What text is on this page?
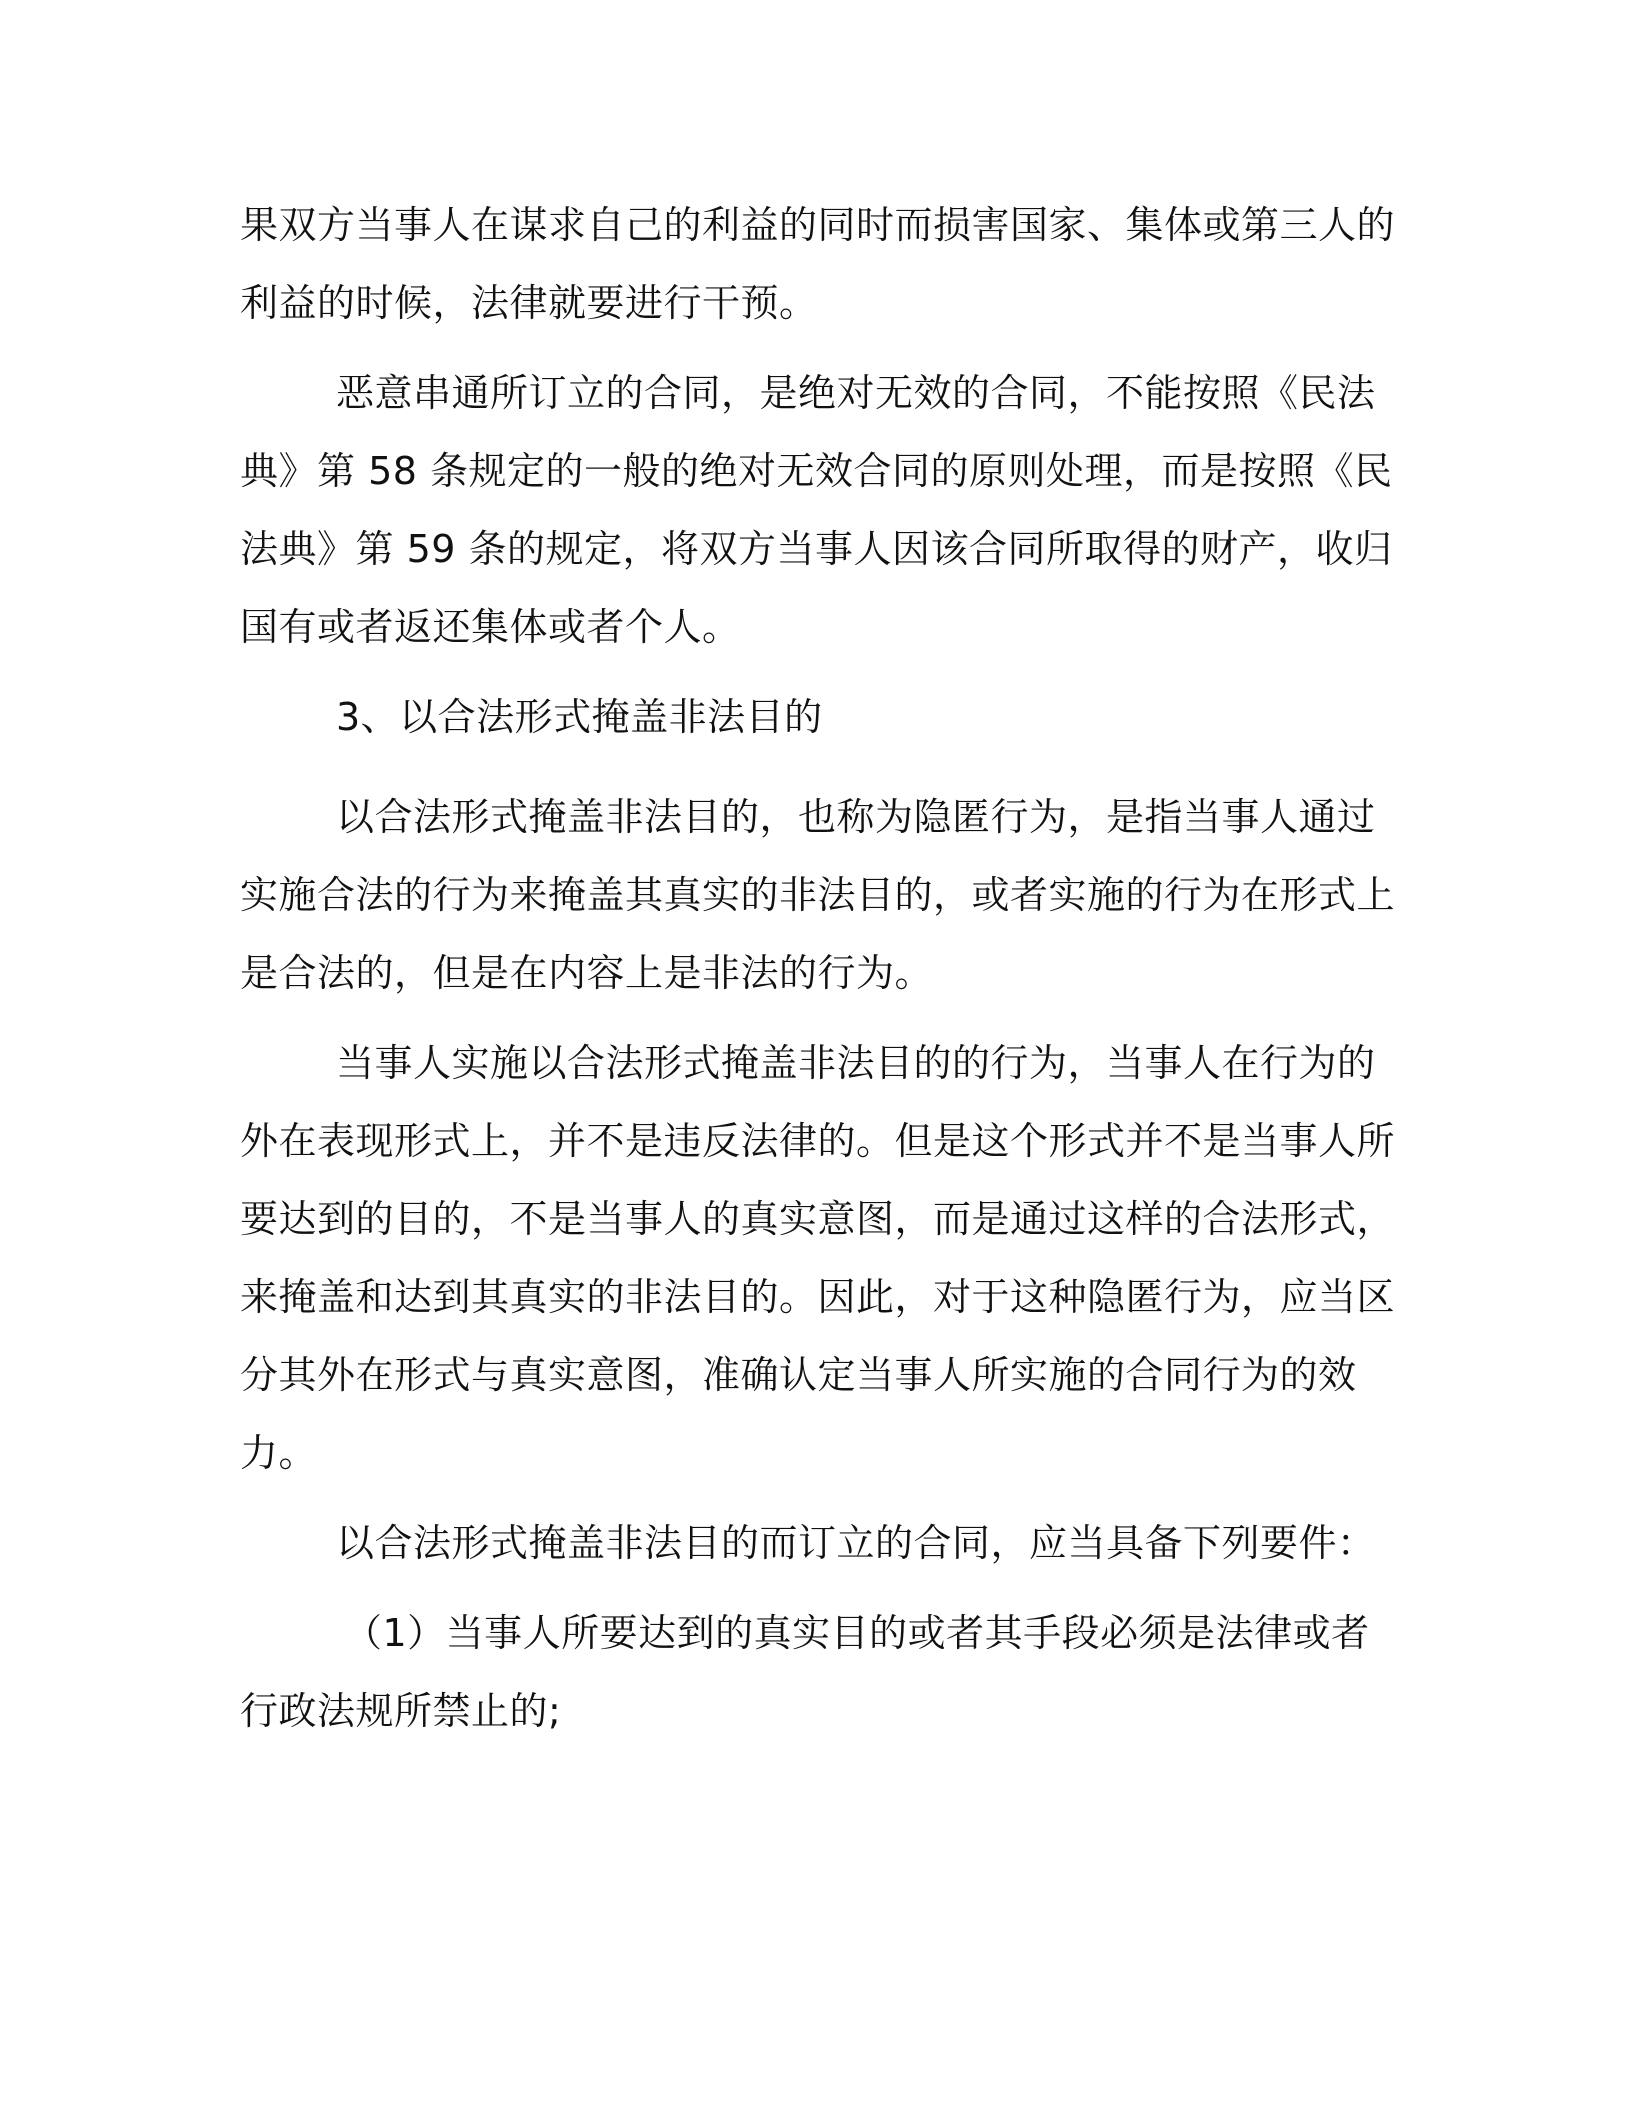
果双方当事人在谋求自己的利益的同时而损害国家、集体或第三人的利益的时候，法律就要进行干预。

恶意串通所订立的合同，是绝对无效的合同，不能按照《民法典》第 58 条规定的一般的绝对无效合同的原则处理，而是按照《民法典》第 59 条的规定，将双方当事人因该合同所取得的财产，收归国有或者返还集体或者个人。

3、以合法形式掩盖非法目的

以合法形式掩盖非法目的，也称为隐匿行为，是指当事人通过实施合法的行为来掩盖其真实的非法目的，或者实施的行为在形式上是合法的，但是在内容上是非法的行为。

当事人实施以合法形式掩盖非法目的的行为，当事人在行为的外在表现形式上，并不是违反法律的。但是这个形式并不是当事人所要达到的目的，不是当事人的真实意图，而是通过这样的合法形式，来掩盖和达到其真实的非法目的。因此，对于这种隐匿行为，应当区分其外在形式与真实意图，准确认定当事人所实施的合同行为的效力。

以合法形式掩盖非法目的而订立的合同，应当具备下列要件：

（1）当事人所要达到的真实目的或者其手段必须是法律或者行政法规所禁止的;
